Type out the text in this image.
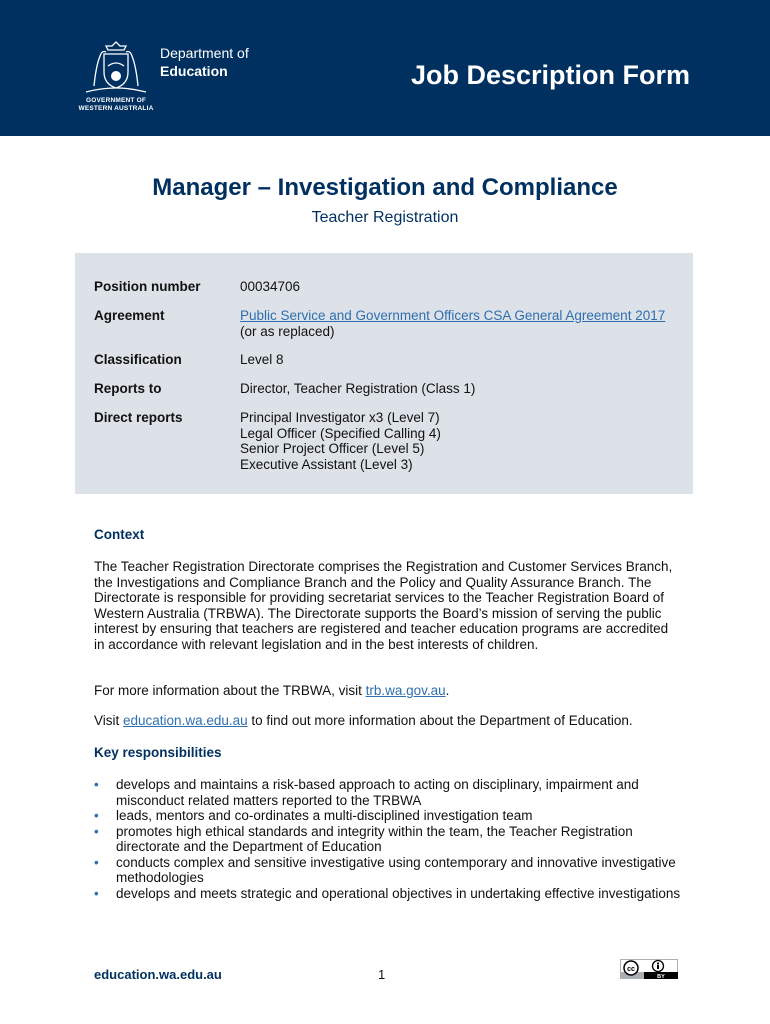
Department of
Education
GOVERNMENT OF
WESTERN AUSTRALIA
Job Description Form
Manager – Investigation and Compliance
Teacher Registration
Position number	00034706
Agreement	Public Service and Government Officers CSA General Agreement 2017 (or as replaced)
Classification	Level 8
Reports to	Director, Teacher Registration (Class 1)
Direct reports	Principal Investigator x3 (Level 7)
Legal Officer (Specified Calling 4)
Senior Project Officer (Level 5)
Executive Assistant (Level 3)
Context
The Teacher Registration Directorate comprises the Registration and Customer Services Branch, the Investigations and Compliance Branch and the Policy and Quality Assurance Branch. The Directorate is responsible for providing secretariat services to the Teacher Registration Board of Western Australia (TRBWA). The Directorate supports the Board’s mission of serving the public interest by ensuring that teachers are registered and teacher education programs are accredited in accordance with relevant legislation and in the best interests of children.
For more information about the TRBWA, visit trb.wa.gov.au.
Visit education.wa.edu.au to find out more information about the Department of Education.
Key responsibilities
• develops and maintains a risk-based approach to acting on disciplinary, impairment and misconduct related matters reported to the TRBWA
• leads, mentors and co-ordinates a multi-disciplined investigation team
• promotes high ethical standards and integrity within the team, the Teacher Registration directorate and the Department of Education
• conducts complex and sensitive investigative using contemporary and innovative investigative methodologies
• develops and meets strategic and operational objectives in undertaking effective investigations
education.wa.edu.au	1	cc
BY
